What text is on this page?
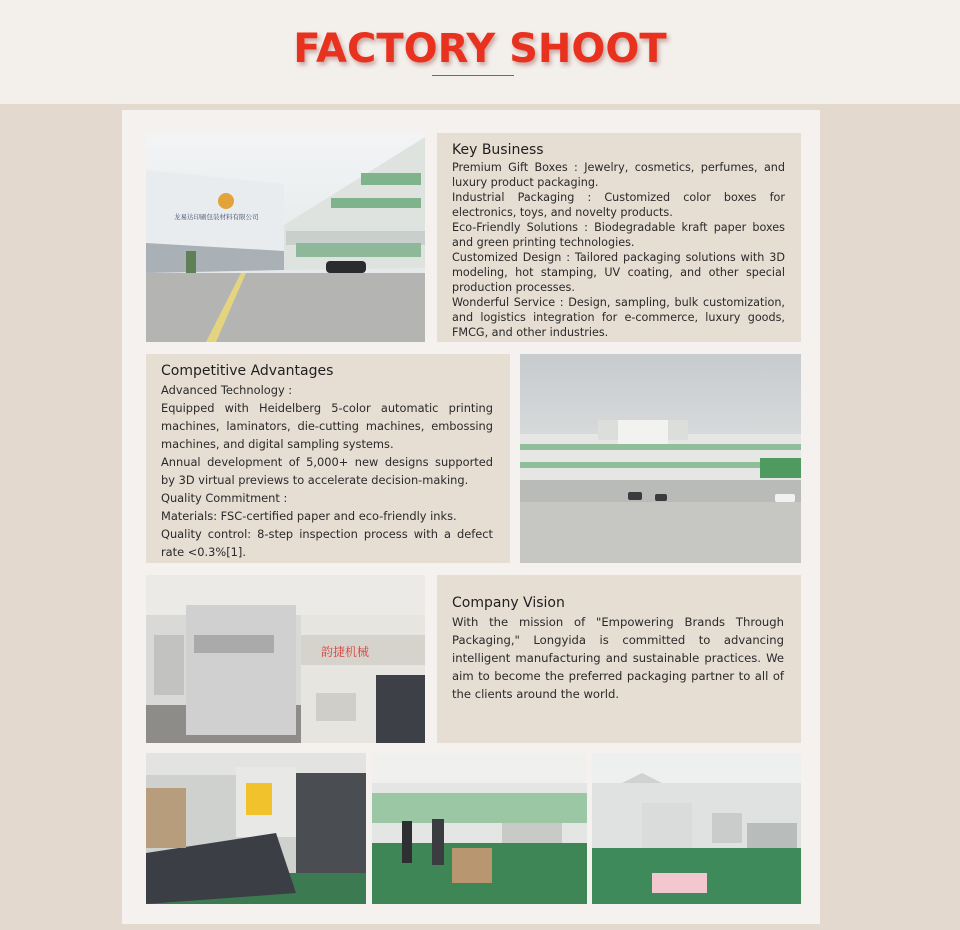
FACTORY SHOOT
龙易达印刷包装材料有限公司
Key Business

Premium Gift Boxes : Jewelry, cosmetics, perfumes, and luxury product packaging.

Industrial Packaging : Customized color boxes for electronics, toys, and novelty products.

Eco-Friendly Solutions : Biodegradable kraft paper boxes and green printing technologies.

Customized Design : Tailored packaging solutions with 3D modeling, hot stamping, UV coating, and other special production processes.

Wonderful Service : Design, sampling, bulk customization, and logistics integration for e-commerce, luxury goods, FMCG, and other industries.

Competitive Advantages

Advanced Technology :

Equipped with Heidelberg 5-color automatic printing machines, laminators, die-cutting machines, embossing machines, and digital sampling systems.

Annual development of 5,000+ new designs supported by 3D virtual previews to accelerate decision-making.

Quality Commitment :

Materials: FSC-certified paper and eco-friendly inks.

Quality control: 8-step inspection process with a defect rate <0.3%[1].

韵捷机械
Company Vision

With the mission of "Empowering Brands Through Packaging," Longyida is committed to advancing intelligent manufacturing and sustainable practices. We aim to become the preferred packaging partner to all of the clients around the world.
